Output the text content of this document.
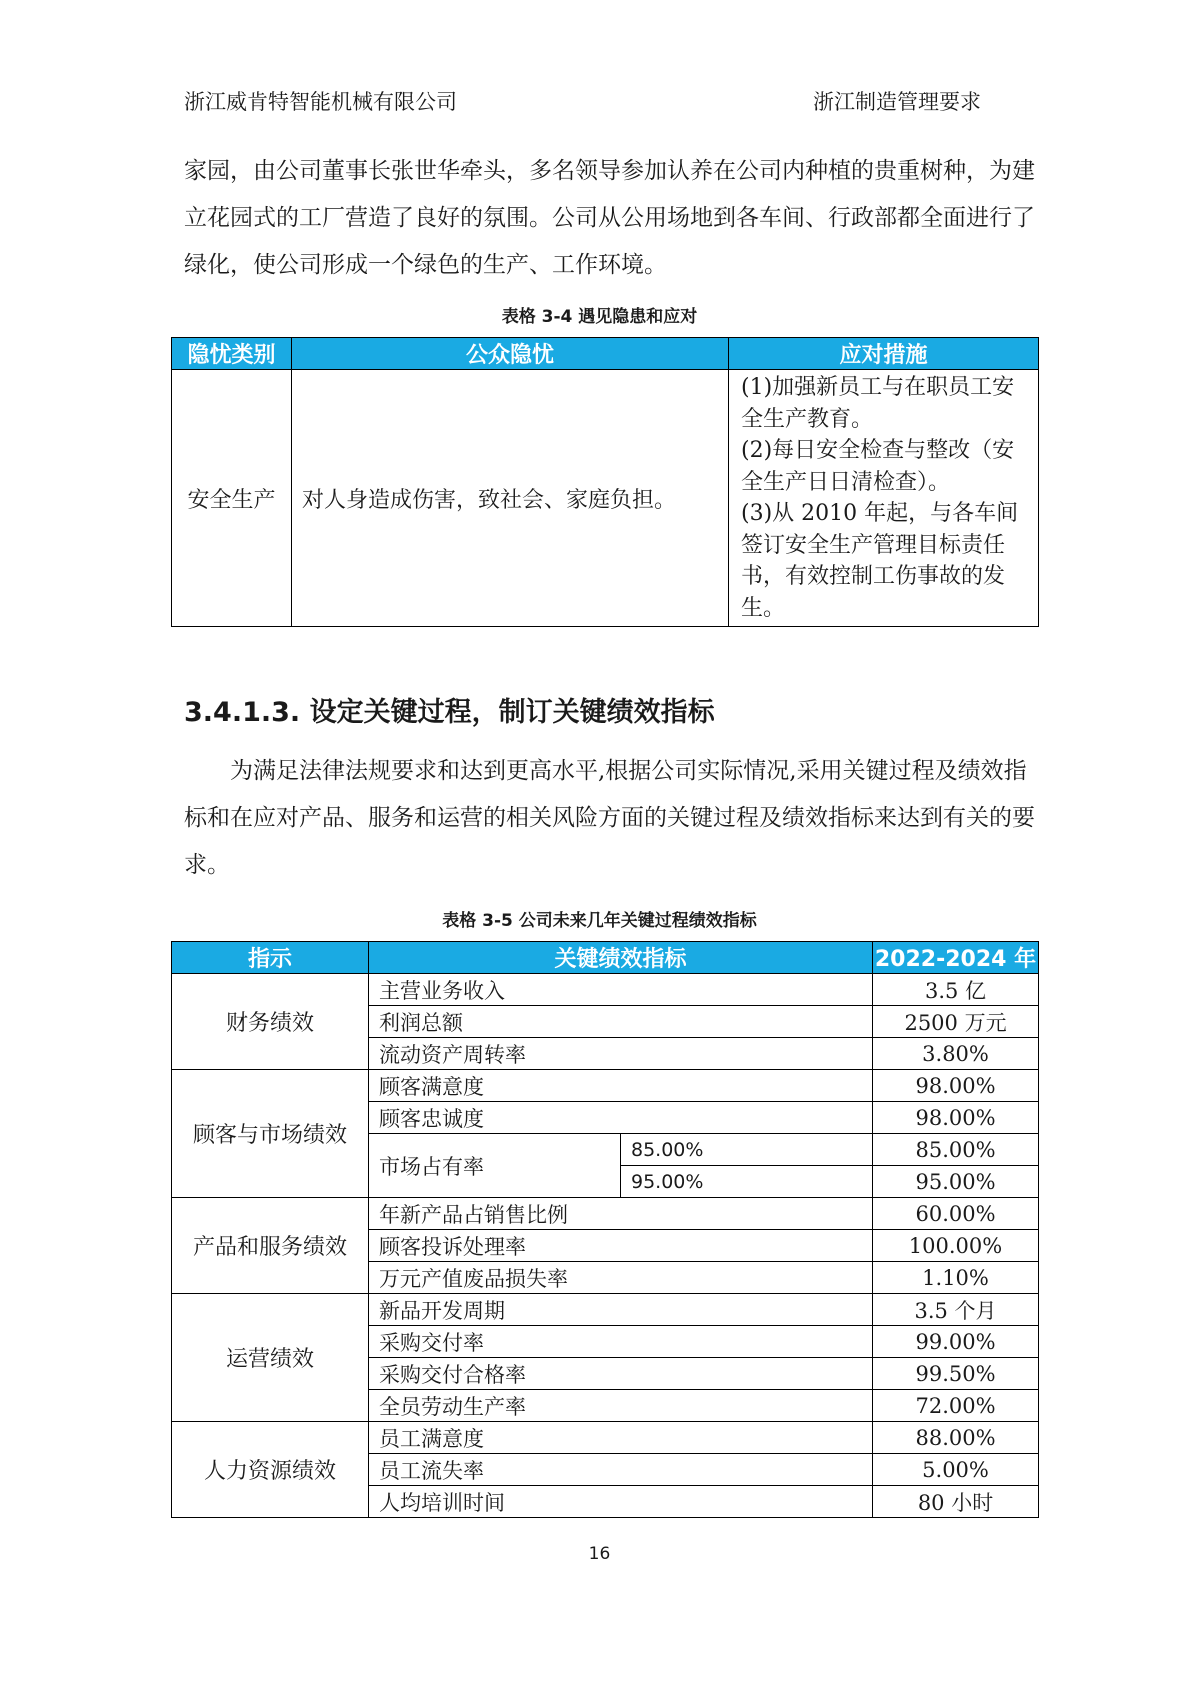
浙江威肯特智能机械有限公司	浙江制造管理要求

家园，由公司董事长张世华牵头，多名领导参加认养在公司内种植的贵重树种，为建立花园式的工厂营造了良好的氛围。公司从公用场地到各车间、行政部都全面进行了绿化，使公司形成一个绿色的生产、工作环境。

表格 3-4 遇见隐患和应对
隐忧类别	公众隐忧	应对措施
安全生产	对人身造成伤害，致社会、家庭负担。	(1)加强新员工与在职员工安全生产教育。
(2)每日安全检查与整改（安全生产日日清检查）。
(3)从 2010 年起，与各车间签订安全生产管理目标责任书，有效控制工伤事故的发生。
3.4.1.3. 设定关键过程，制订关键绩效指标

为满足法律法规要求和达到更高水平,根据公司实际情况,采用关键过程及绩效指标和在应对产品、服务和运营的相关风险方面的关键过程及绩效指标来达到有关的要求。

表格 3-5 公司未来几年关键过程绩效指标
指示	关键绩效指标		2022-2024 年
财务绩效	主营业务收入		3.5 亿
	利润总额		2500 万元
	流动资产周转率		3.80%
顾客与市场绩效	顾客满意度		98.00%
	顾客忠诚度		98.00%
	市场占有率	85.00%	85.00%
		95.00%	95.00%
产品和服务绩效	年新产品占销售比例		60.00%
	顾客投诉处理率		100.00%
	万元产值废品损失率		1.10%
运营绩效	新品开发周期		3.5 个月
	采购交付率		99.00%
	采购交付合格率		99.50%
	全员劳动生产率		72.00%
人力资源绩效	员工满意度		88.00%
	员工流失率		5.00%
	人均培训时间		80 小时
16
